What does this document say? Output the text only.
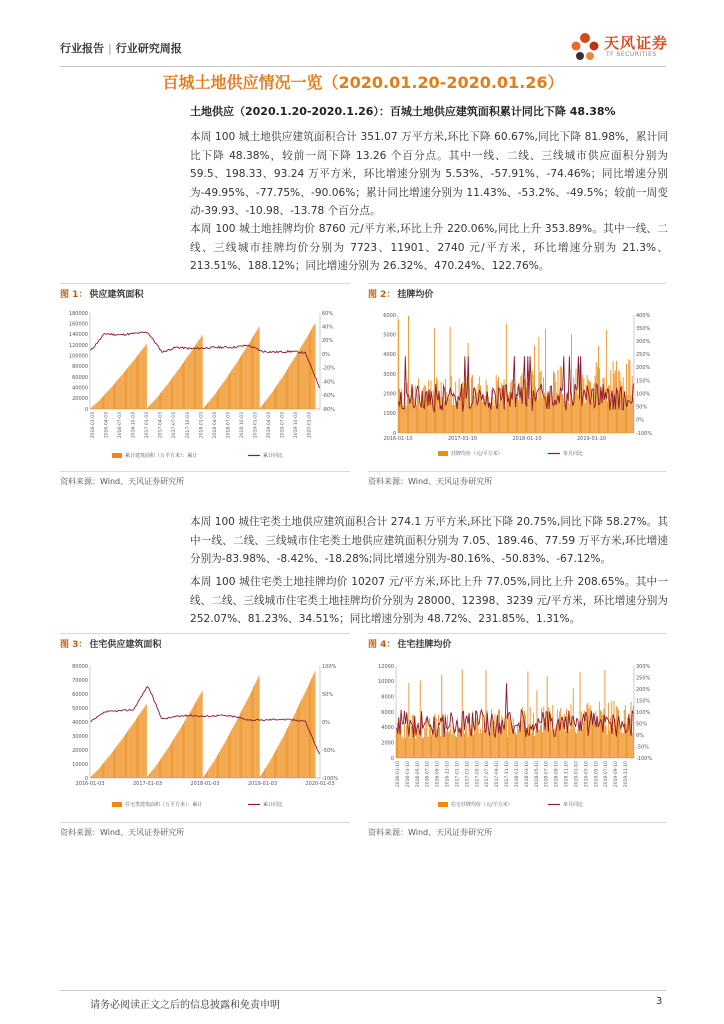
行业报告 | 行业研究周报	天风证券
TF SECURITIES
百城土地供应情况一览（2020.01.20-2020.01.26）
土地供应（2020.1.20-2020.1.26）：百城土地供应建筑面积累计同比下降 48.38%
本周 100 城土地供应建筑面积合计 351.07 万平方米,环比下降 60.67%,同比下降 81.98%，累计同比下降 48.38%，较前一周下降 13.26 个百分点。其中一线、二线、三线城市供应面积分别为 59.5、198.33、93.24 万平方米，环比增速分别为 5.53%、-57.91%、-74.46%；同比增速分别为-49.95%、-77.75%、-90.06%；累计同比增速分别为 11.43%、-53.2%、-49.5%；较前一周变动-39.93、-10.98、-13.78 个百分点。
本周 100 城土地挂牌均价 8760 元/平方米,环比上升 220.06%,同比上升 353.89%。其中一线、二线、三线城市挂牌均价分别为 7723、11901、2740 元/平方米，环比增速分别为 21.3%、213.51%、188.12%；同比增速分别为 26.32%、470.24%、122.76%。
图 1： 供应建筑面积
0
20000
40000
60000
80000
100000
120000
140000
160000
180000
-80%
-60%
-40%
-20%
0%
20%
40%
60%
2016-01-03 2016-04-03 2016-07-03 2016-10-03 2017-01-03 2017-04-03 2017-07-03 2017-10-03 2018-01-03 2018-04-03 2018-07-03 2018-10-03 2019-01-03 2019-04-03 2019-07-03 2019-10-03 2020-01-03
累计建筑面积（万平方米）：累计	累计同比
资料来源：Wind、天风证券研究所
图 2： 挂牌均价
0
1000
2000
3000
4000
5000
6000
-100%
0%
50%
100%
150%
200%
250%
300%
350%
400%
2016-01-10	2017-01-10	2018-01-10	2019-01-10
挂牌均价（元/平方米）	单月同比
资料来源：Wind、天风证券研究所
本周 100 城住宅类土地供应建筑面积合计 274.1 万平方米,环比下降 20.75%,同比下降 58.27%。其中一线、二线、三线城市住宅类土地供应建筑面积分别为 7.05、189.46、77.59 万平方米,环比增速分别为-83.98%、-8.42%、-18.28%;同比增速分别为-80.16%、-50.83%、-67.12%。
本周 100 城住宅类土地挂牌均价 10207 元/平方米,环比上升 77.05%,同比上升 208.65%。其中一线、二线、三线城市住宅类土地挂牌均价分别为 28000、12398、3239 元/平方米，环比增速分别为 252.07%、81.23%、34.51%；同比增速分别为 48.72%、231.85%、1.31%。
图 3： 住宅供应建筑面积
0
10000
20000
30000
40000
50000
60000
70000
80000
-100%
-50%
0%
50%
100%
2016-01-03	2017-01-03	2018-01-03	2019-01-03	2020-01-03
住宅类建筑面积（万平方米）：累计	累计同比
资料来源：Wind、天风证券研究所
图 4： 住宅挂牌均价
0
2000
4000
6000
8000
10000
12000
-100%
-50%
0%
50%
100%
150%
200%
250%
300%
2016-01-10 2016-03-10 2016-05-10 2016-07-10 2016-09-10 2016-11-10 2017-01-10 2017-03-10 2017-05-10 2017-07-10 2017-09-10 2017-11-10 2018-01-10 2018-03-10 2018-05-10 2018-07-10 2018-09-10 2018-11-10 2019-01-10 2019-03-10 2019-05-10 2019-07-10 2019-09-10 2019-11-10
住宅挂牌均价（元/平方米）	单月同比
资料来源：Wind、天风证券研究所
请务必阅读正文之后的信息披露和免责申明	3
